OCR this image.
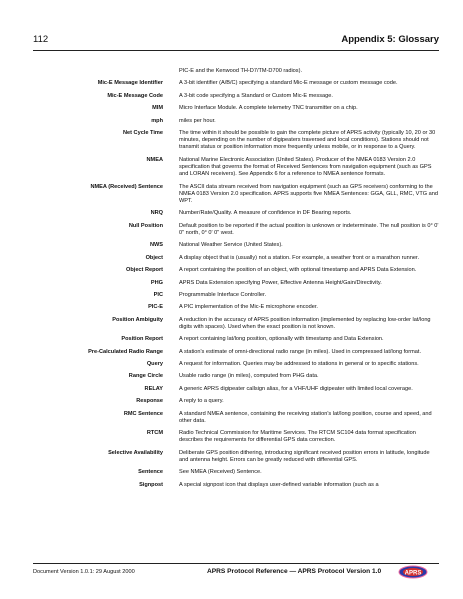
112	Appendix 5: Glossary
PIC-E and the Kenwood TH-D7/TM-D700 radios).
Mic-E Message Identifier	A 3-bit identifier (A/B/C) specifying a standard Mic-E message or custom message code.
Mic-E Message Code	A 3-bit code specifying a Standard or Custom Mic-E message.
MIM	Micro Interface Module. A complete telemetry TNC transmitter on a chip.
mph	miles per hour.
Net Cycle Time	The time within it should be possible to gain the complete picture of APRS activity (typically 10, 20 or 30 minutes, depending on the number of digipeaters traversed and local conditions). Stations should not transmit status or position information more frequently unless mobile, or in response to a Query.
NMEA	National Marine Electronic Association (United States). Producer of the NMEA 0183 Version 2.0 specification that governs the format of Received Sentences from navigation equipment (such as GPS and LORAN receivers). See Appendix 6 for a reference to NMEA sentence formats.
NMEA (Received) Sentence	The ASCII data stream received from navigation equipment (such as GPS receivers) conforming to the NMEA 0183 Version 2.0 specification. APRS supports five NMEA Sentences: GGA, GLL, RMC, VTG and WPT.
NRQ	Number/Rate/Quality. A measure of confidence in DF Bearing reports.
Null Position	Default position to be reported if the actual position is unknown or indeterminate. The null position is 0° 0' 0" north, 0° 0' 0" west.
NWS	National Weather Service (United States).
Object	A display object that is (usually) not a station. For example, a weather front or a marathon runner.
Object Report	A report containing the position of an object, with optional timestamp and APRS Data Extension.
PHG	APRS Data Extension specifying Power, Effective Antenna Height/Gain/Directivity.
PIC	Programmable Interface Controller.
PIC-E	A PIC implementation of the Mic-E microphone encoder.
Position Ambiguity	A reduction in the accuracy of APRS position information (implemented by replacing low-order lat/long digits with spaces). Used when the exact position is not known.
Position Report	A report containing lat/long position, optionally with timestamp and Data Extension.
Pre-Calculated Radio Range	A station's estimate of omni-directional radio range (in miles). Used in compressed lat/long format.
Query	A request for information. Queries may be addressed to stations in general or to specific stations.
Range Circle	Usable radio range (in miles), computed from PHG data.
RELAY	A generic APRS digipeater callsign alias, for a VHF/UHF digipeater with limited local coverage.
Response	A reply to a query.
RMC Sentence	A standard NMEA sentence, containing the receiving station's lat/long position, course and speed, and other data.
RTCM	Radio Technical Commission for Maritime Services. The RTCM SC104 data format specification describes the requirements for differential GPS data correction.
Selective Availability	Deliberate GPS position dithering, introducing significant received position errors in latitude, longitude and antenna height. Errors can be greatly reduced with differential GPS.
Sentence	See NMEA (Received) Sentence.
Signpost	A special signpost icon that displays user-defined variable information (such as a
Document Version 1.0.1: 29 August 2000	APRS Protocol Reference — APRS Protocol Version 1.0	APRS
